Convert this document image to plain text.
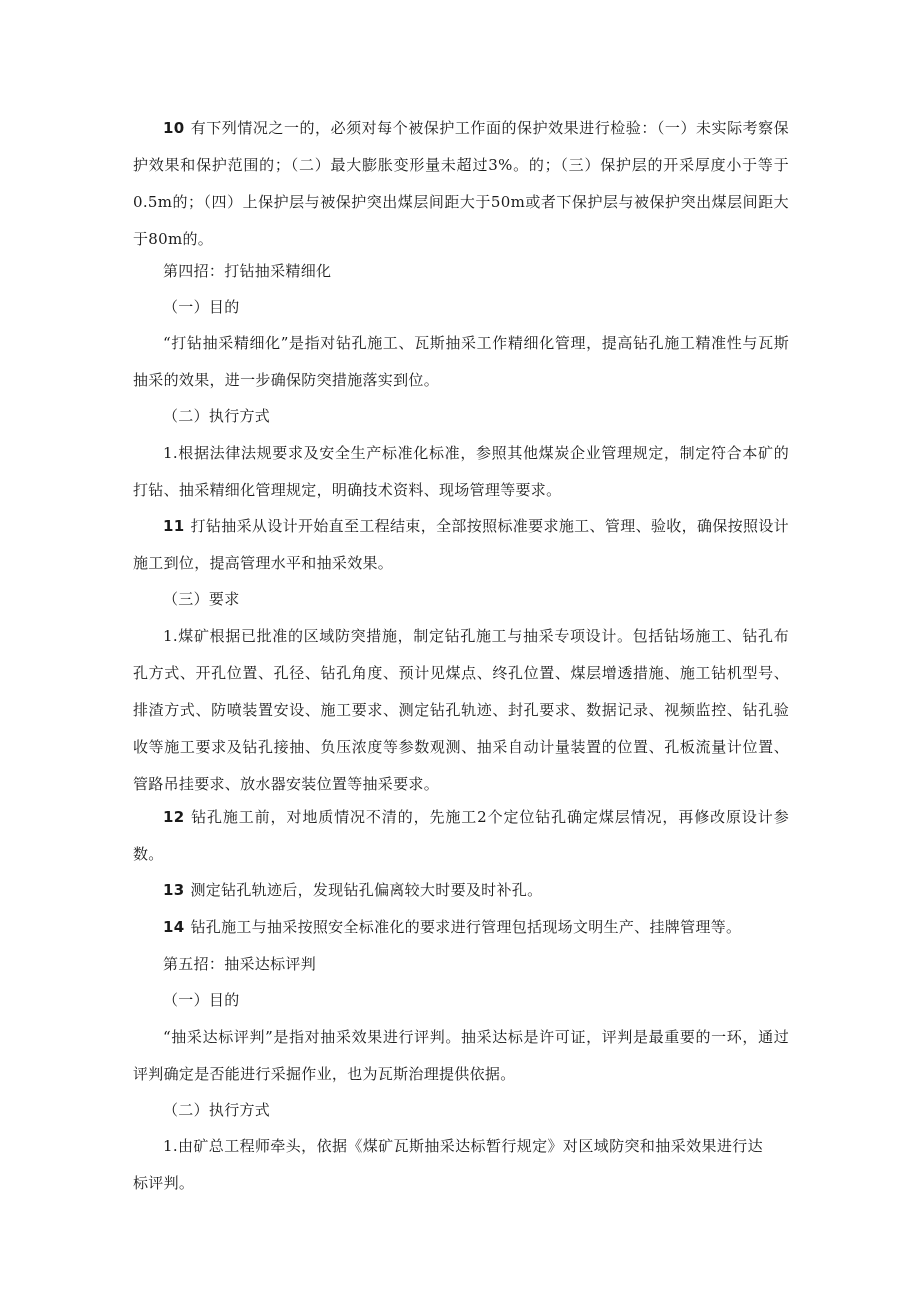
10 有下列情况之一的，必须对每个被保护工作面的保护效果进行检验：（一）未实际考察保护效果和保护范围的；（二）最大膨胀变形量未超过3%。的；（三）保护层的开采厚度小于等于0.5m的；（四）上保护层与被保护突出煤层间距大于50m或者下保护层与被保护突出煤层间距大于80m的。

第四招：打钻抽采精细化

（一）目的

“打钻抽采精细化”是指对钻孔施工、瓦斯抽采工作精细化管理，提高钻孔施工精准性与瓦斯抽采的效果，进一步确保防突措施落实到位。

（二）执行方式

1.根据法律法规要求及安全生产标准化标准，参照其他煤炭企业管理规定，制定符合本矿的打钻、抽采精细化管理规定，明确技术资料、现场管理等要求。

11 打钻抽采从设计开始直至工程结束，全部按照标准要求施工、管理、验收，确保按照设计施工到位，提高管理水平和抽采效果。

（三）要求

1.煤矿根据已批准的区域防突措施，制定钻孔施工与抽采专项设计。包括钻场施工、钻孔布孔方式、开孔位置、孔径、钻孔角度、预计见煤点、终孔位置、煤层增透措施、施工钻机型号、排渣方式、防喷装置安设、施工要求、测定钻孔轨迹、封孔要求、数据记录、视频监控、钻孔验收等施工要求及钻孔接抽、负压浓度等参数观测、抽采自动计量装置的位置、孔板流量计位置、管路吊挂要求、放水器安装位置等抽采要求。

12 钻孔施工前，对地质情况不清的，先施工2个定位钻孔确定煤层情况，再修改原设计参数。

13 测定钻孔轨迹后，发现钻孔偏离较大时要及时补孔。

14 钻孔施工与抽采按照安全标准化的要求进行管理包括现场文明生产、挂牌管理等。

第五招：抽采达标评判

（一）目的

“抽采达标评判”是指对抽采效果进行评判。抽采达标是许可证，评判是最重要的一环，通过评判确定是否能进行采掘作业，也为瓦斯治理提供依据。

（二）执行方式

1.由矿总工程师牵头，依据《煤矿瓦斯抽采达标暂行规定》对区域防突和抽采效果进行达标评判。
